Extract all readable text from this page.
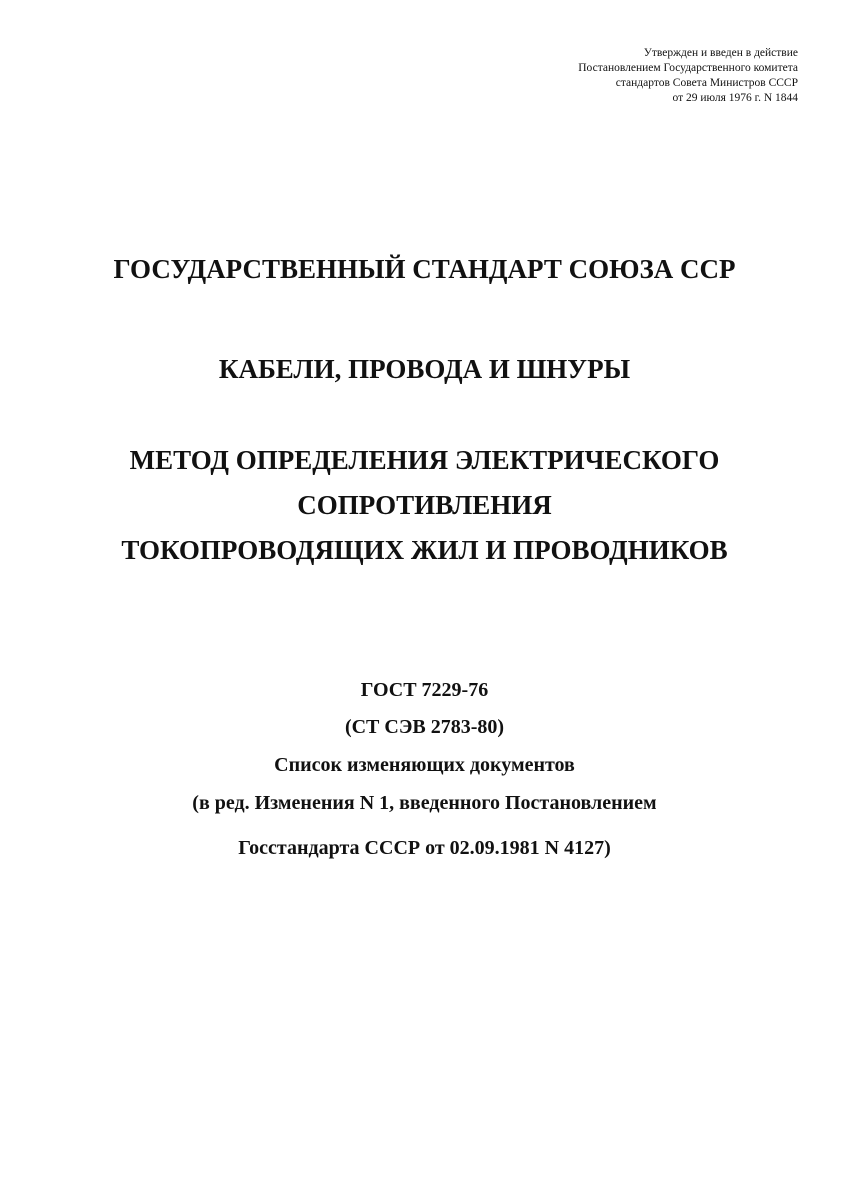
Утвержден и введен в действие
Постановлением Государственного комитета
стандартов Совета Министров СССР
от 29 июля 1976 г. N 1844
ГОСУДАРСТВЕННЫЙ СТАНДАРТ СОЮЗА ССР
КАБЕЛИ, ПРОВОДА И ШНУРЫ
МЕТОД ОПРЕДЕЛЕНИЯ ЭЛЕКТРИЧЕСКОГО
СОПРОТИВЛЕНИЯ
ТОКОПРОВОДЯЩИХ ЖИЛ И ПРОВОДНИКОВ
ГОСТ 7229-76
(СТ СЭВ 2783-80)
Список изменяющих документов
(в ред. Изменения N 1, введенного Постановлением
Госстандарта СССР от 02.09.1981 N 4127)
